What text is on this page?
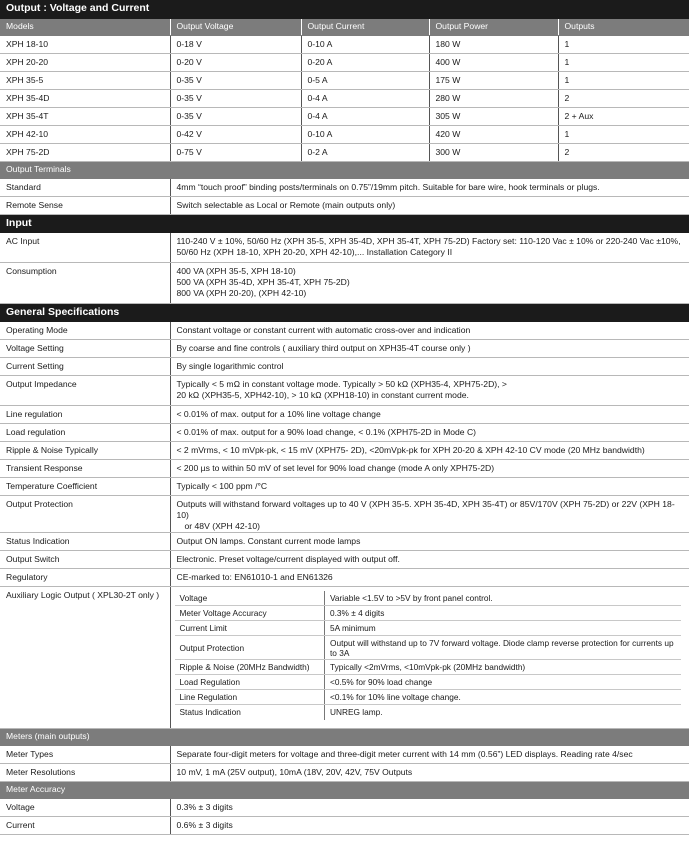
Output : Voltage and Current
Models	Output Voltage	Output Current	Output Power	Outputs
XPH 18-10	0-18 V	0-10 A	180 W	1
XPH 20-20	0-20 V	0-20 A	400 W	1
XPH 35-5	0-35 V	0-5 A	175 W	1
XPH 35-4D	0-35 V	0-4 A	280 W	2
XPH 35-4T	0-35 V	0-4 A	305 W	2 + Aux
XPH 42-10	0-42 V	0-10 A	420 W	1
XPH 75-2D	0-75 V	0-2 A	300 W	2
Output Terminals
Standard	4mm “touch proof” binding posts/terminals on 0.75”/19mm pitch. Suitable for bare wire, hook terminals or plugs.
Remote Sense	Switch selectable as Local or Remote (main outputs only)
Input
AC Input	110-240 V ± 10%, 50/60 Hz (XPH 35-5, XPH 35-4D, XPH 35-4T, XPH 75-2D) Factory set: 110-120 Vac ± 10% or 220-240 Vac ±10%,
50/60 Hz (XPH 18-10, XPH 20-20, XPH 42-10),... Installation Category II

Consumption	400 VA (XPH 35-5, XPH 18-10)
500 VA (XPH 35-4D, XPH 35-4T, XPH 75-2D)
800 VA (XPH 20-20), (XPH 42-10)

General Specifications
Operating Mode	Constant voltage or constant current with automatic cross-over and indication
Voltage Setting	By coarse and fine controls ( auxiliary third output on XPH35-4T course only )
Current Setting	By single logarithmic control
Output Impedance	Typically < 5 mΩ in constant voltage mode. Typically > 50 kΩ (XPH35-4, XPH75-2D), >
20 kΩ (XPH35-5, XPH42-10), > 10 kΩ (XPH18-10) in constant current mode.

Line regulation	< 0.01% of max. output for a 10% line voltage change
Load regulation	< 0.01% of max. output for a 90% load change, < 0.1% (XPH75-2D in Mode C)
Ripple & Noise Typically	< 2 mVrms, < 10 mVpk-pk, < 15 mV (XPH75- 2D), <20mVpk-pk for XPH 20-20 & XPH 42-10 CV mode (20 MHz bandwidth)
Transient Response	< 200 µs to within 50 mV of set level for 90% load change (mode A only XPH75-2D)
Temperature Coefficient	Typically < 100 ppm /°C
Output Protection	Outputs will withstand forward voltages up to 40 V (XPH 35-5. XPH 35-4D, XPH 35-4T) or 85V/170V (XPH 75-2D) or 22V (XPH 18-10)
or 48V (XPH 42-10)

Status Indication	Output ON lamps. Constant current mode lamps
Output Switch	Electronic. Preset voltage/current displayed with output off.
Regulatory	CE-marked to: EN61010-1 and EN61326
Auxiliary Logic Output ( XPL30-2T only )	Voltage	Variable <1.5V to >5V by front panel control.
Meter Voltage Accuracy	0.3% ± 4 digits
Current Limit	5A minimum
Output Protection	Output will withstand up to 7V forward voltage. Diode clamp reverse protection for currents up to 3A
Ripple & Noise (20MHz Bandwidth)	Typically <2mVrms, <10mVpk-pk (20MHz bandwidth)
Load Regulation	<0.5% for 90% load change
Line Regulation	<0.1% for 10% line voltage change.
Status Indication	UNREG lamp.

Meters (main outputs)
Meter Types	Separate four-digit meters for voltage and three-digit meter current with 14 mm (0.56”) LED displays. Reading rate 4/sec
Meter Resolutions	10 mV, 1 mA (25V output), 10mA (18V, 20V, 42V, 75V Outputs
Meter Accuracy
Voltage	0.3% ± 3 digits
Current	0.6% ± 3 digits
